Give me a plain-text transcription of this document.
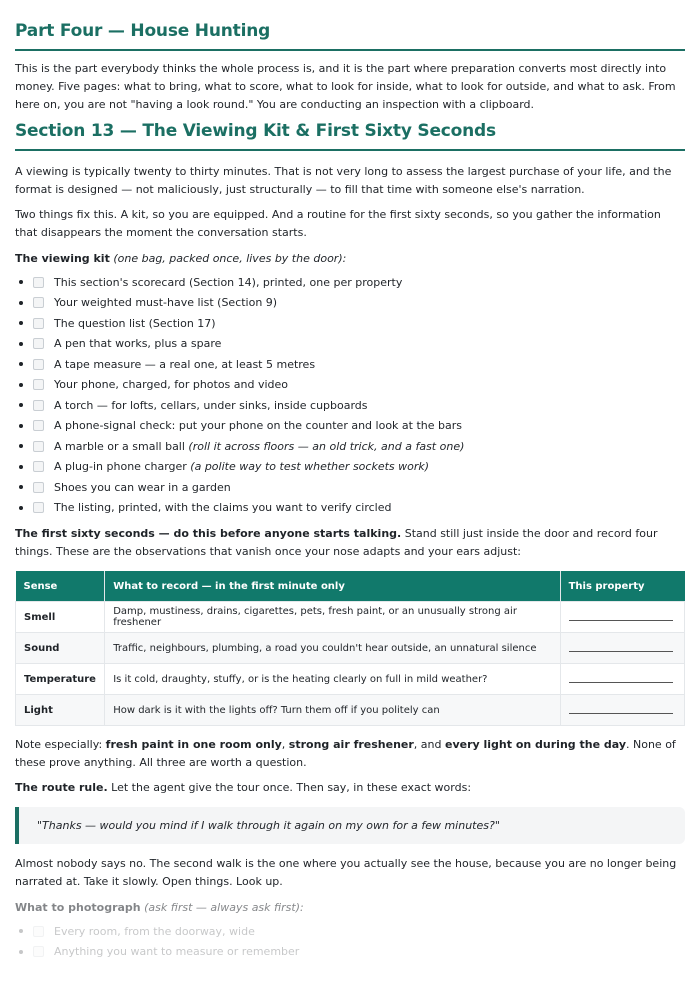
Part Four — House Hunting

This is the part everybody thinks the whole process is, and it is the part where preparation converts most directly into money. Five pages: what to bring, what to score, what to look for inside, what to look for outside, and what to ask. From here on, you are not "having a look round." You are conducting an inspection with a clipboard.

Section 13 — The Viewing Kit & First Sixty Seconds

A viewing is typically twenty to thirty minutes. That is not very long to assess the largest purchase of your life, and the format is designed — not maliciously, just structurally — to fill that time with someone else's narration.

Two things fix this. A kit, so you are equipped. And a routine for the first sixty seconds, so you gather the information that disappears the moment the conversation starts.

The viewing kit (one bag, packed once, lives by the door):

This section's scorecard (Section 14), printed, one per property
Your weighted must-have list (Section 9)
The question list (Section 17)
A pen that works, plus a spare
A tape measure — a real one, at least 5 metres
Your phone, charged, for photos and video
A torch — for lofts, cellars, under sinks, inside cupboards
A phone-signal check: put your phone on the counter and look at the bars
A marble or a small ball
(roll it across floors — an old trick, and a fast one)
A plug-in phone charger
(a polite way to test whether sockets work)
Shoes you can wear in a garden
The listing, printed, with the claims you want to verify circled

The first sixty seconds — do this before anyone starts talking. Stand still just inside the door and record four things. These are the observations that vanish once your nose adapts and your ears adjust:

Sense	What to record — in the first minute only	This property
Smell	Damp, mustiness, drains, cigarettes, pets, fresh paint, or an unusually strong air freshener	
Sound	Traffic, neighbours, plumbing, a road you couldn't hear outside, an unnatural silence	
Temperature	Is it cold, draughty, stuffy, or is the heating clearly on full in mild weather?	
Light	How dark is it with the lights off? Turn them off if you politely can	

Note especially: fresh paint in one room only, strong air freshener, and every light on during the day. None of these prove anything. All three are worth a question.

The route rule. Let the agent give the tour once. Then say, in these exact words:

"Thanks — would you mind if I walk through it again on my own for a few minutes?"

Almost nobody says no. The second walk is the one where you actually see the house, because you are no longer being narrated at. Take it slowly. Open things. Look up.

What to photograph (ask first — always ask first):

Every room, from the doorway, wide
Anything you want to measure or remember
